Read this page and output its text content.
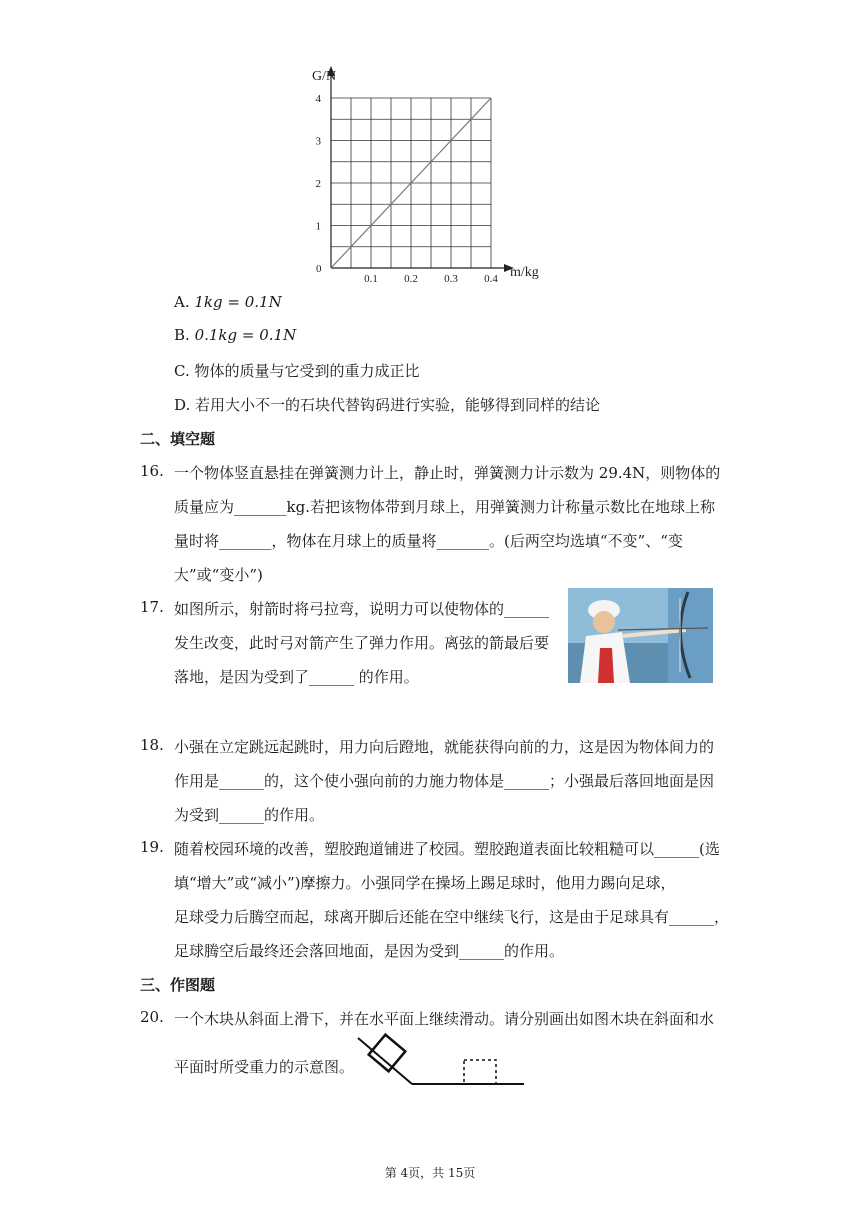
0.1 0.2 0.3 0.4
1
2
3
4
G/N
m/kg
0
A. 1kg = 0.1N
B. 0.1kg = 0.1N
C. 物体的质量与它受到的重力成正比
D. 若用大小不一的石块代替钩码进行实验，能够得到同样的结论
二、填空题
16. 一个物体竖直悬挂在弹簧测力计上，静止时，弹簧测力计示数为 29.4N，则物体的
质量应为_______kg.若把该物体带到月球上，用弹簧测力计称量示数比在地球上称
量时将_______，物体在月球上的质量将_______。(后两空均选填“不变”、“变
大”或“变小”)
17. 如图所示，射箭时将弓拉弯，说明力可以使物体的______
发生改变，此时弓对箭产生了弹力作用。离弦的箭最后要
落地，是因为受到了______ 的作用。
18. 小强在立定跳远起跳时，用力向后蹬地，就能获得向前的力，这是因为物体间力的
作用是______的，这个使小强向前的力施力物体是______；小强最后落回地面是因
为受到______的作用。
19. 随着校园环境的改善，塑胶跑道铺进了校园。塑胶跑道表面比较粗糙可以______(选
填“增大”或“减小”)摩擦力。小强同学在操场上踢足球时，他用力踢向足球，
足球受力后腾空而起，球离开脚后还能在空中继续飞行，这是由于足球具有______，
足球腾空后最终还会落回地面，是因为受到______的作用。
三、作图题
20. 一个木块从斜面上滑下，并在水平面上继续滑动。请分别画出如图木块在斜面和水
平面时所受重力的示意图。
第 4页，共 15页
